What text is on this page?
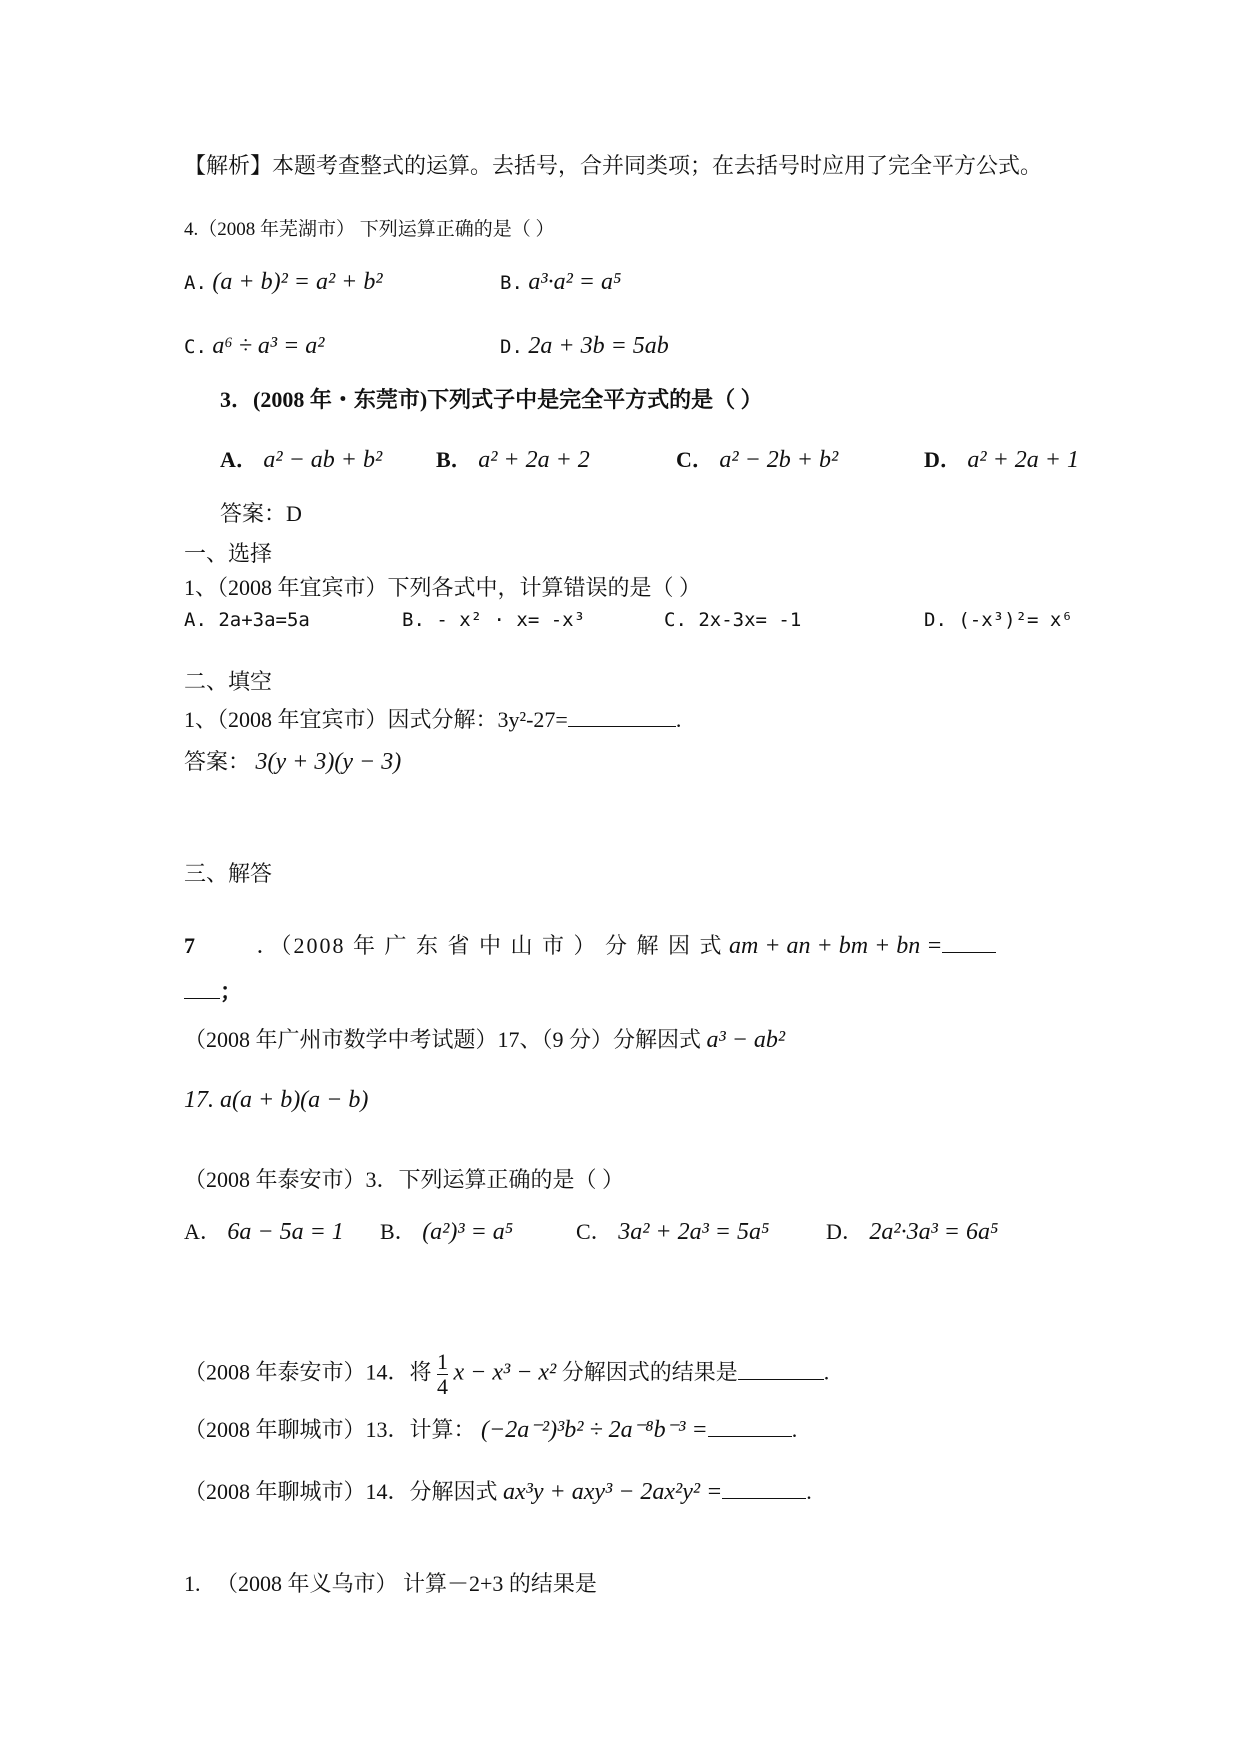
【解析】本题考查整式的运算。去括号，合并同类项；在去括号时应用了完全平方公式。
4.（2008 年芜湖市） 下列运算正确的是（ ）
A. (a + b)² = a² + b²	B. a³·a² = a⁵
C. a⁶ ÷ a³ = a²	D. 2a + 3b = 5ab
3．(2008 年・东莞市)下列式子中是完全平方式的是（ ）
A． a² − ab + b² B． a² + 2a + 2	C． a² − 2b + b²	D． a² + 2a + 1
答案：D
一、选择
1、（2008 年宜宾市）下列各式中，计算错误的是（ ）
A. 2a+3a=5a	B. - x² · x= -x³	C. 2x-3x= -1	D. (-x³)²= x⁶
二、填空
1、（2008 年宜宾市）因式分解：3y²-27=	.
答案： 3(y + 3)(y − 3)
三、解答
7	．（2008 年 广 东 省 中 山 市 ） 分 解 因 式 am + an + bm + bn =
；
（2008 年广州市数学中考试题）17、（9 分）分解因式 a³ − ab²
17. a(a + b)(a − b)
（2008 年泰安市）3．下列运算正确的是（ ）
A． 6a − 5a = 1 B． (a²)³ = a⁵	C． 3a² + 2a³ = 5a⁵	D． 2a²·3a³ = 6a⁵
（2008 年泰安市）14．将 $\frac{1}{4}$ x − x³ − x² 分解因式的结果是	.
（2008 年聊城市）13．计算： (−2a⁻²)³b² ÷ 2a⁻⁸b⁻³ =	.
（2008 年聊城市）14．分解因式 ax³y + axy³ − 2ax²y² =	.
1. （2008 年义乌市） 计算－2+3 的结果是
